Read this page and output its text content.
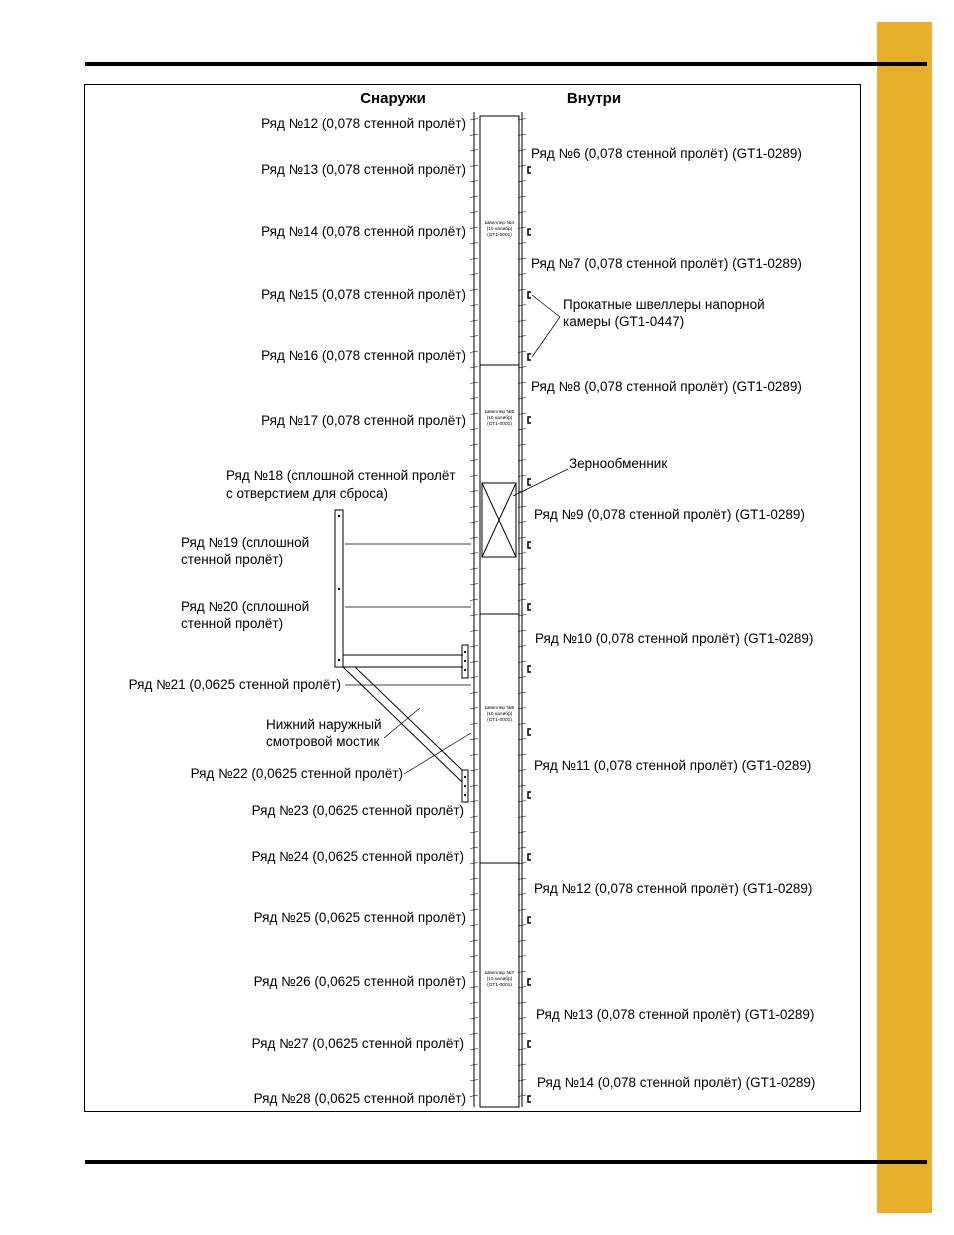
Снаружи	Внутри
Ряд №12 (0,078 стенной пролёт)
Ряд №13 (0,078 стенной пролёт)
Ряд №14 (0,078 стенной пролёт)
Ряд №15 (0,078 стенной пролёт)
Ряд №16 (0,078 стенной пролёт)
Ряд №17 (0,078 стенной пролёт)
Ряд №18 (сплошной стенной пролёт
с отверстием для сброса)
Ряд №19 (сплошной
стенной пролёт)
Ряд №20 (сплошной
стенной пролёт)
Ряд №21 (0,0625 стенной пролёт)
Нижний наружный
смотровой мостик
Ряд №22 (0,0625 стенной пролёт)
Ряд №23 (0,0625 стенной пролёт)
Ряд №24 (0,0625 стенной пролёт)
Ряд №25 (0,0625 стенной пролёт)
Ряд №26 (0,0625 стенной пролёт)
Ряд №27 (0,0625 стенной пролёт)
Ряд №28 (0,0625 стенной пролёт)
Ряд №6 (0,078 стенной пролёт) (GT1-0289)
Ряд №7 (0,078 стенной пролёт) (GT1-0289)
Прокатные швеллеры напорной
камеры (GT1-0447)
Ряд №8 (0,078 стенной пролёт) (GT1-0289)
Зернообменник
Ряд №9 (0,078 стенной пролёт) (GT1-0289)
Ряд №10 (0,078 стенной пролёт) (GT1-0289)
Ряд №11 (0,078 стенной пролёт) (GT1-0289)
Ряд №12 (0,078 стенной пролёт) (GT1-0289)
Ряд №13 (0,078 стенной пролёт) (GT1-0289)
Ряд №14 (0,078 стенной пролёт) (GT1-0289)
Швеллер №4
(10 калибр)
(GT1-0001)
Швеллер №5
(10 калибр)
(GT1-0001)
Швеллер №6
(10 калибр)
(GT1-0001)
Швеллер №7
(10 калибр)
(GT1-0001)
